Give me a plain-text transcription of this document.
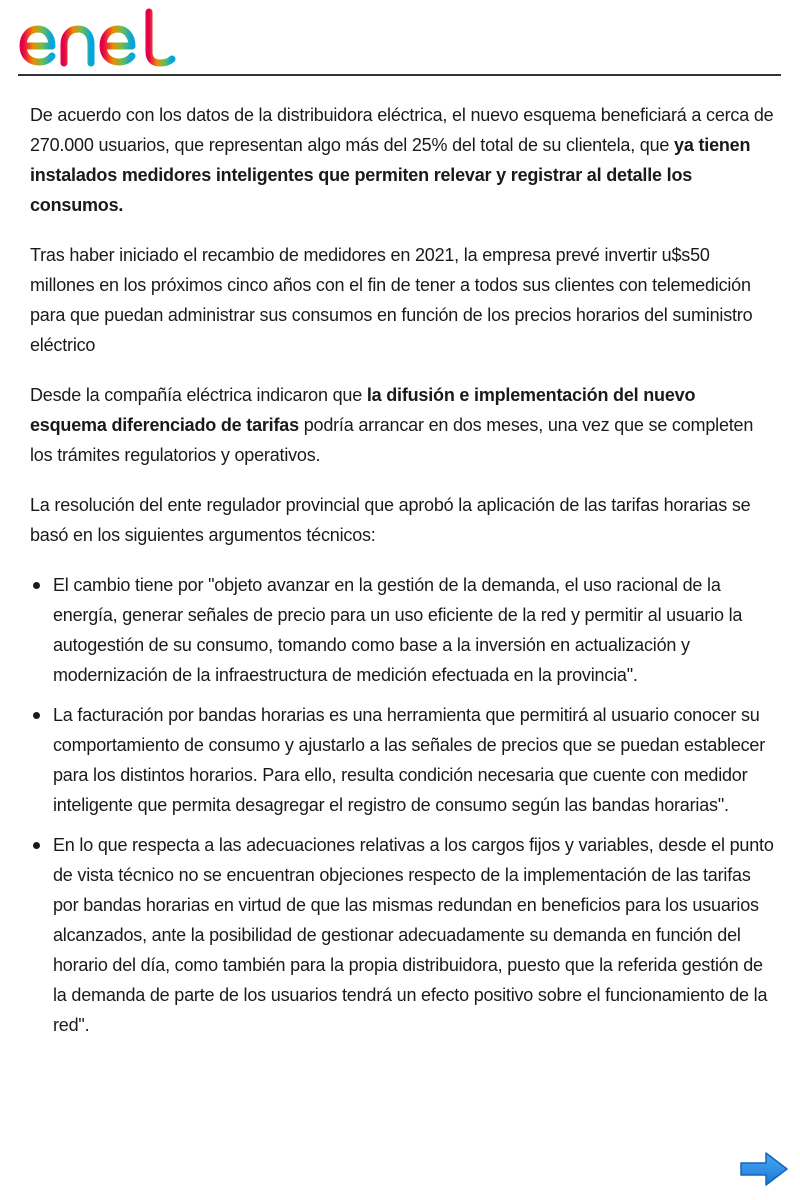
De acuerdo con los datos de la distribuidora eléctrica, el nuevo esquema beneficiará a cerca de 270.000 usuarios, que representan algo más del 25% del total de su clientela, que ya tienen instalados medidores inteligentes que permiten relevar y registrar al detalle los consumos.

Tras haber iniciado el recambio de medidores en 2021, la empresa prevé invertir u$s50 millones en los próximos cinco años con el fin de tener a todos sus clientes con telemedición para que puedan administrar sus consumos en función de los precios horarios del suministro eléctrico

Desde la compañía eléctrica indicaron que la difusión e implementación del nuevo esquema diferenciado de tarifas podría arrancar en dos meses, una vez que se completen los trámites regulatorios y operativos.

La resolución del ente regulador provincial que aprobó la aplicación de las tarifas horarias se basó en los siguientes argumentos técnicos:

El cambio tiene por "objeto avanzar en la gestión de la demanda, el uso racional de la energía, generar señales de precio para un uso eficiente de la red y permitir al usuario la autogestión de su consumo, tomando como base a la inversión en actualización y modernización de la infraestructura de medición efectuada en la provincia".
La facturación por bandas horarias es una herramienta que permitirá al usuario conocer su comportamiento de consumo y ajustarlo a las señales de precios que se puedan establecer para los distintos horarios. Para ello, resulta condición necesaria que cuente con medidor inteligente que permita desagregar el registro de consumo según las bandas horarias".
En lo que respecta a las adecuaciones relativas a los cargos fijos y variables, desde el punto de vista técnico no se encuentran objeciones respecto de la implementación de las tarifas por bandas horarias en virtud de que las mismas redundan en beneficios para los usuarios alcanzados, ante la posibilidad de gestionar adecuadamente su demanda en función del horario del día, como también para la propia distribuidora, puesto que la referida gestión de la demanda de parte de los usuarios tendrá un efecto positivo sobre el funcionamiento de la red".
